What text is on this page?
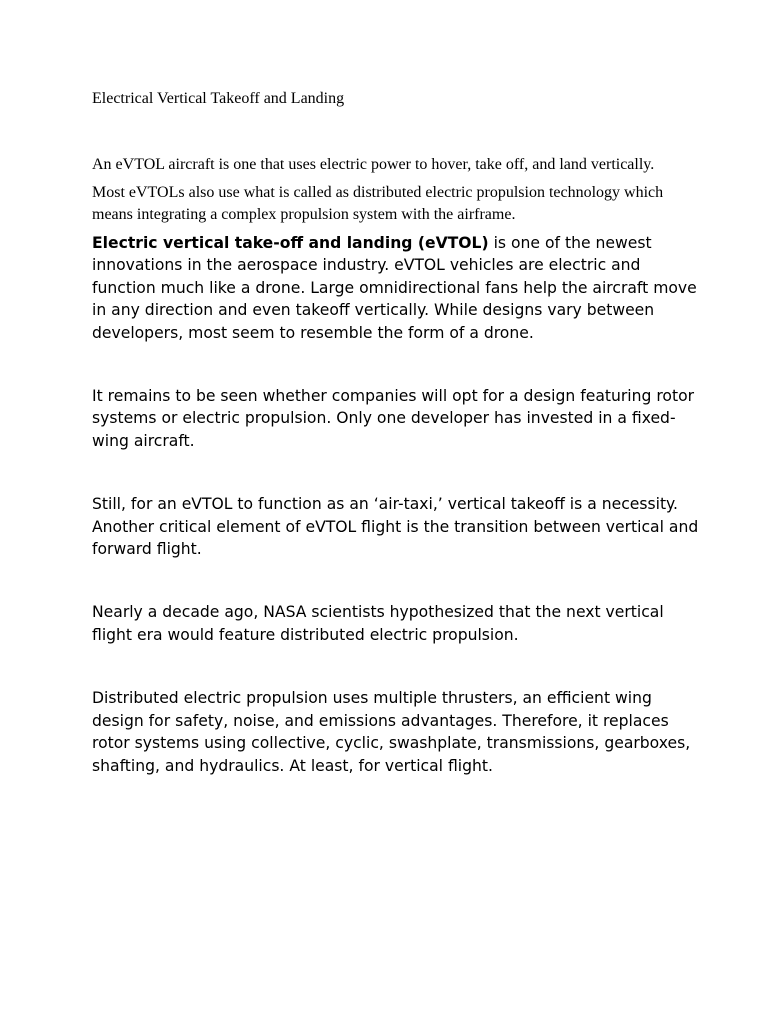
Electrical Vertical Takeoff and Landing

An eVTOL aircraft is one that uses electric power to hover, take off, and land vertically.

Most eVTOLs also use what is called as distributed electric propulsion technology which means integrating a complex propulsion system with the airframe.

Electric vertical take-off and landing (eVTOL) is one of the newest innovations in the aerospace industry. eVTOL vehicles are electric and function much like a drone. Large omnidirectional fans help the aircraft move in any direction and even takeoff vertically. While designs vary between developers, most seem to resemble the form of a drone.

It remains to be seen whether companies will opt for a design featuring rotor systems or electric propulsion. Only one developer has invested in a fixed-wing aircraft.

Still, for an eVTOL to function as an ‘air-taxi,’ vertical takeoff is a necessity. Another critical element of eVTOL flight is the transition between vertical and forward flight.

Nearly a decade ago, NASA scientists hypothesized that the next vertical flight era would feature distributed electric propulsion.

Distributed electric propulsion uses multiple thrusters, an efficient wing design for safety, noise, and emissions advantages. Therefore, it replaces rotor systems using collective, cyclic, swashplate, transmissions, gearboxes, shafting, and hydraulics. At least, for vertical flight.
